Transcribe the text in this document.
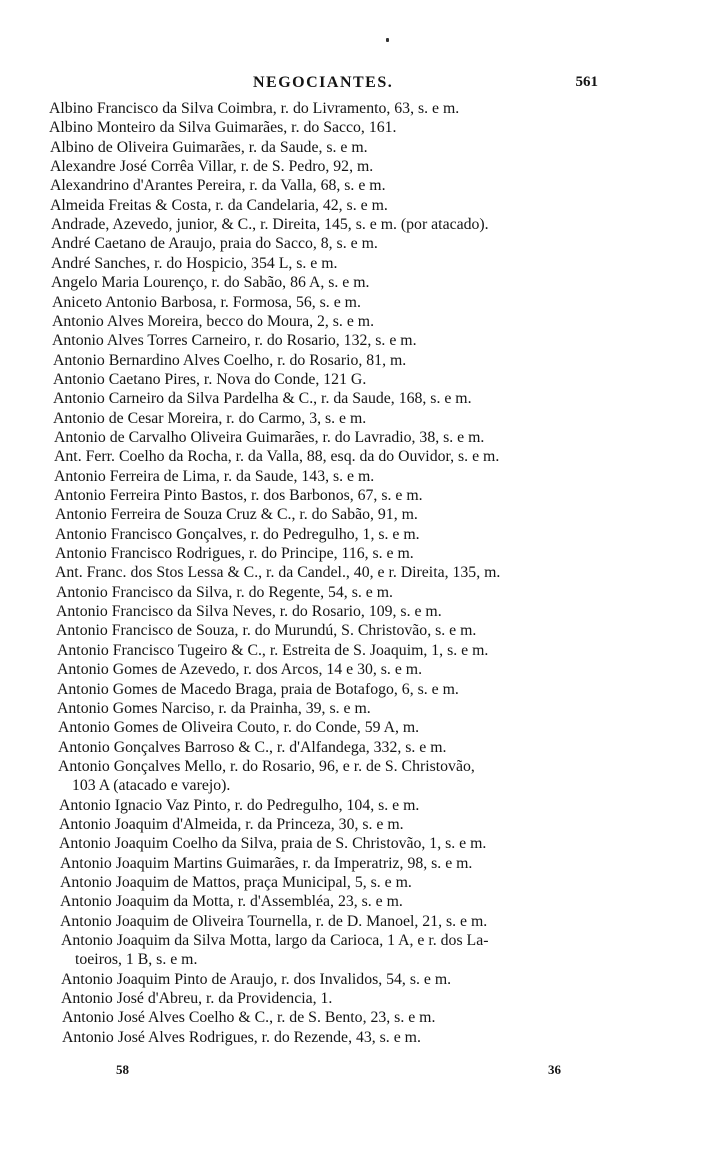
NEGOCIANTES.	561
Albino Francisco da Silva Coimbra, r. do Livramento, 63, s. e m.
Albino Monteiro da Silva Guimarães, r. do Sacco, 161.
Albino de Oliveira Guimarães, r. da Saude, s. e m.
Alexandre José Corrêa Villar, r. de S. Pedro, 92, m.
Alexandrino d'Arantes Pereira, r. da Valla, 68, s. e m.
Almeida Freitas & Costa, r. da Candelaria, 42, s. e m.
Andrade, Azevedo, junior, & C., r. Direita, 145, s. e m. (por atacado).
André Caetano de Araujo, praia do Sacco, 8, s. e m.
André Sanches, r. do Hospicio, 354 L, s. e m.
Angelo Maria Lourenço, r. do Sabão, 86 A, s. e m.
Aniceto Antonio Barbosa, r. Formosa, 56, s. e m.
Antonio Alves Moreira, becco do Moura, 2, s. e m.
Antonio Alves Torres Carneiro, r. do Rosario, 132, s. e m.
Antonio Bernardino Alves Coelho, r. do Rosario, 81, m.
Antonio Caetano Pires, r. Nova do Conde, 121 G.
Antonio Carneiro da Silva Pardelha & C., r. da Saude, 168, s. e m.
Antonio de Cesar Moreira, r. do Carmo, 3, s. e m.
Antonio de Carvalho Oliveira Guimarães, r. do Lavradio, 38, s. e m.
Ant. Ferr. Coelho da Rocha, r. da Valla, 88, esq. da do Ouvidor, s. e m.
Antonio Ferreira de Lima, r. da Saude, 143, s. e m.
Antonio Ferreira Pinto Bastos, r. dos Barbonos, 67, s. e m.
Antonio Ferreira de Souza Cruz & C., r. do Sabão, 91, m.
Antonio Francisco Gonçalves, r. do Pedregulho, 1, s. e m.
Antonio Francisco Rodrigues, r. do Principe, 116, s. e m.
Ant. Franc. dos Stos Lessa & C., r. da Candel., 40, e r. Direita, 135, m.
Antonio Francisco da Silva, r. do Regente, 54, s. e m.
Antonio Francisco da Silva Neves, r. do Rosario, 109, s. e m.
Antonio Francisco de Souza, r. do Murundú, S. Christovão, s. e m.
Antonio Francisco Tugeiro & C., r. Estreita de S. Joaquim, 1, s. e m.
Antonio Gomes de Azevedo, r. dos Arcos, 14 e 30, s. e m.
Antonio Gomes de Macedo Braga, praia de Botafogo, 6, s. e m.
Antonio Gomes Narciso, r. da Prainha, 39, s. e m.
Antonio Gomes de Oliveira Couto, r. do Conde, 59 A, m.
Antonio Gonçalves Barroso & C., r. d'Alfandega, 332, s. e m.
Antonio Gonçalves Mello, r. do Rosario, 96, e r. de S. Christovão,
103 A (atacado e varejo).
Antonio Ignacio Vaz Pinto, r. do Pedregulho, 104, s. e m.
Antonio Joaquim d'Almeida, r. da Princeza, 30, s. e m.
Antonio Joaquim Coelho da Silva, praia de S. Christovão, 1, s. e m.
Antonio Joaquim Martins Guimarães, r. da Imperatriz, 98, s. e m.
Antonio Joaquim de Mattos, praça Municipal, 5, s. e m.
Antonio Joaquim da Motta, r. d'Assembléa, 23, s. e m.
Antonio Joaquim de Oliveira Tournella, r. de D. Manoel, 21, s. e m.
Antonio Joaquim da Silva Motta, largo da Carioca, 1 A, e r. dos La-
toeiros, 1 B, s. e m.
Antonio Joaquim Pinto de Araujo, r. dos Invalidos, 54, s. e m.
Antonio José d'Abreu, r. da Providencia, 1.
Antonio José Alves Coelho & C., r. de S. Bento, 23, s. e m.
Antonio José Alves Rodrigues, r. do Rezende, 43, s. e m.
58	36
